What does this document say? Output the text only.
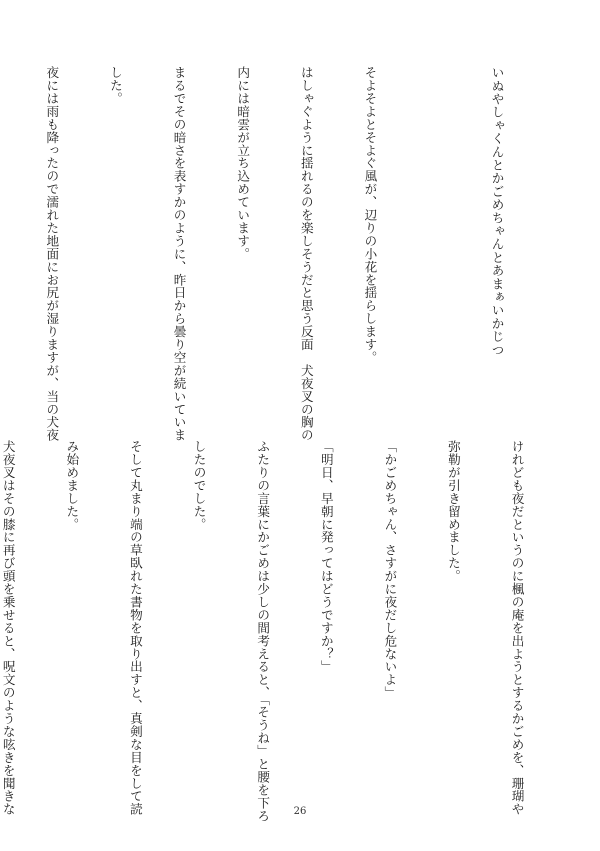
いぬやしゃくんとかごめちゃんとあまぁいかじつ

そよそよとそよぐ風が、辺りの小花を揺らします。

はしゃぐように揺れるのを楽しそうだと思う反面　犬夜叉の胸の

内には暗雲が立ち込めています。

まるでその暗さを表すかのように、昨日から曇り空が続いていま

した。

夜には雨も降ったので濡れた地面にお尻が湿りますが、当の犬夜

けれども夜だというのに楓の庵を出ようとするかごめを、珊瑚や

弥勒が引き留めました。

「かごめちゃん、さすがに夜だし危ないよ」

「明日、早朝に発ってはどうですか？」

ふたりの言葉にかごめは少しの間考えると、「そうね」と腰を下ろ

したのでした。

そして丸まり端の草臥れた書物を取り出すと、真剣な目をして読

み始めました。

犬夜叉はその膝に再び頭を乗せると、呪文のような呟きを聞きな

	26
